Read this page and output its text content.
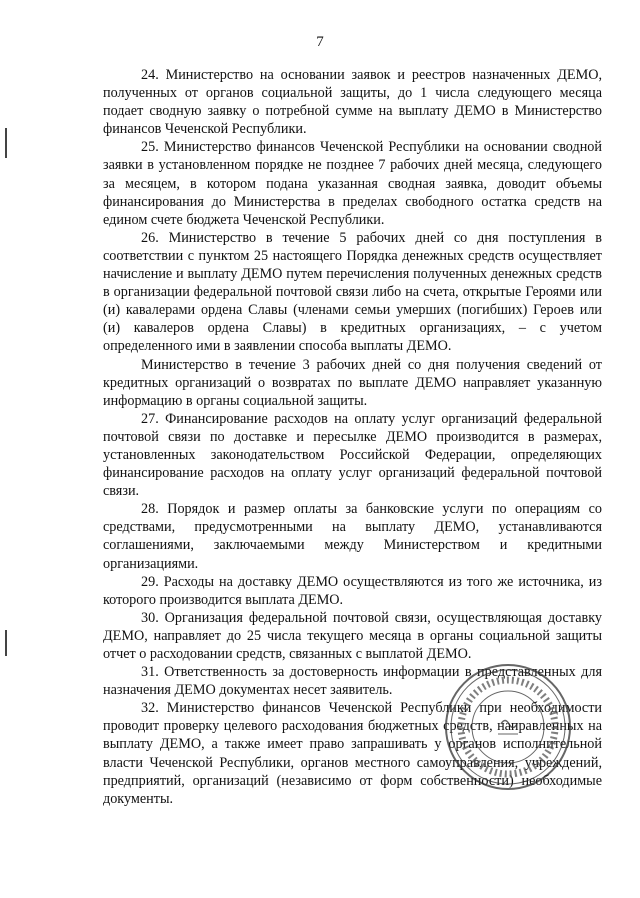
7

24. Министерство на основании заявок и реестров назначенных ДЕМО, полученных от органов социальной защиты, до 1 числа следующего месяца подает сводную заявку о потребной сумме на выплату ДЕМО в Министерство финансов Чеченской Республики.

25. Министерство финансов Чеченской Республики на основании сводной заявки в установленном порядке не позднее 7 рабочих дней месяца, следующего за месяцем, в котором подана указанная сводная заявка, доводит объемы финансирования до Министерства в пределах свободного остатка средств на едином счете бюджета Чеченской Республики.

26. Министерство в течение 5 рабочих дней со дня поступления в соответствии с пунктом 25 настоящего Порядка денежных средств осуществляет начисление и выплату ДЕМО путем перечисления полученных денежных средств в организации федеральной почтовой связи либо на счета, открытые Героями или (и) кавалерами ордена Славы (членами семьи умерших (погибших) Героев или (и) кавалеров ордена Славы) в кредитных организациях, – с учетом определенного ими в заявлении способа выплаты ДЕМО.

Министерство в течение 3 рабочих дней со дня получения сведений от кредитных организаций о возвратах по выплате ДЕМО направляет указанную информацию в органы социальной защиты.

27. Финансирование расходов на оплату услуг организаций федеральной почтовой связи по доставке и пересылке ДЕМО производится в размерах, установленных законодательством Российской Федерации, определяющих финансирование расходов на оплату услуг организаций федеральной почтовой связи.

28. Порядок и размер оплаты за банковские услуги по операциям со средствами, предусмотренными на выплату ДЕМО, устанавливаются соглашениями, заключаемыми между Министерством и кредитными организациями.

29. Расходы на доставку ДЕМО осуществляются из того же источника, из которого производится выплата ДЕМО.

30. Организация федеральной почтовой связи, осуществляющая доставку ДЕМО, направляет до 25 числа текущего месяца в органы социальной защиты отчет о расходовании средств, связанных с выплатой ДЕМО.

31. Ответственность за достоверность информации в представленных для назначения ДЕМО документах несет заявитель.

32. Министерство финансов Чеченской Республики при необходимости проводит проверку целевого расходования бюджетных средств, направленных на выплату ДЕМО, а также имеет право запрашивать у органов исполнительной власти Чеченской Республики, органов местного самоуправления, учреждений, предприятий, организаций (независимо от форм собственности) необходимые документы.
